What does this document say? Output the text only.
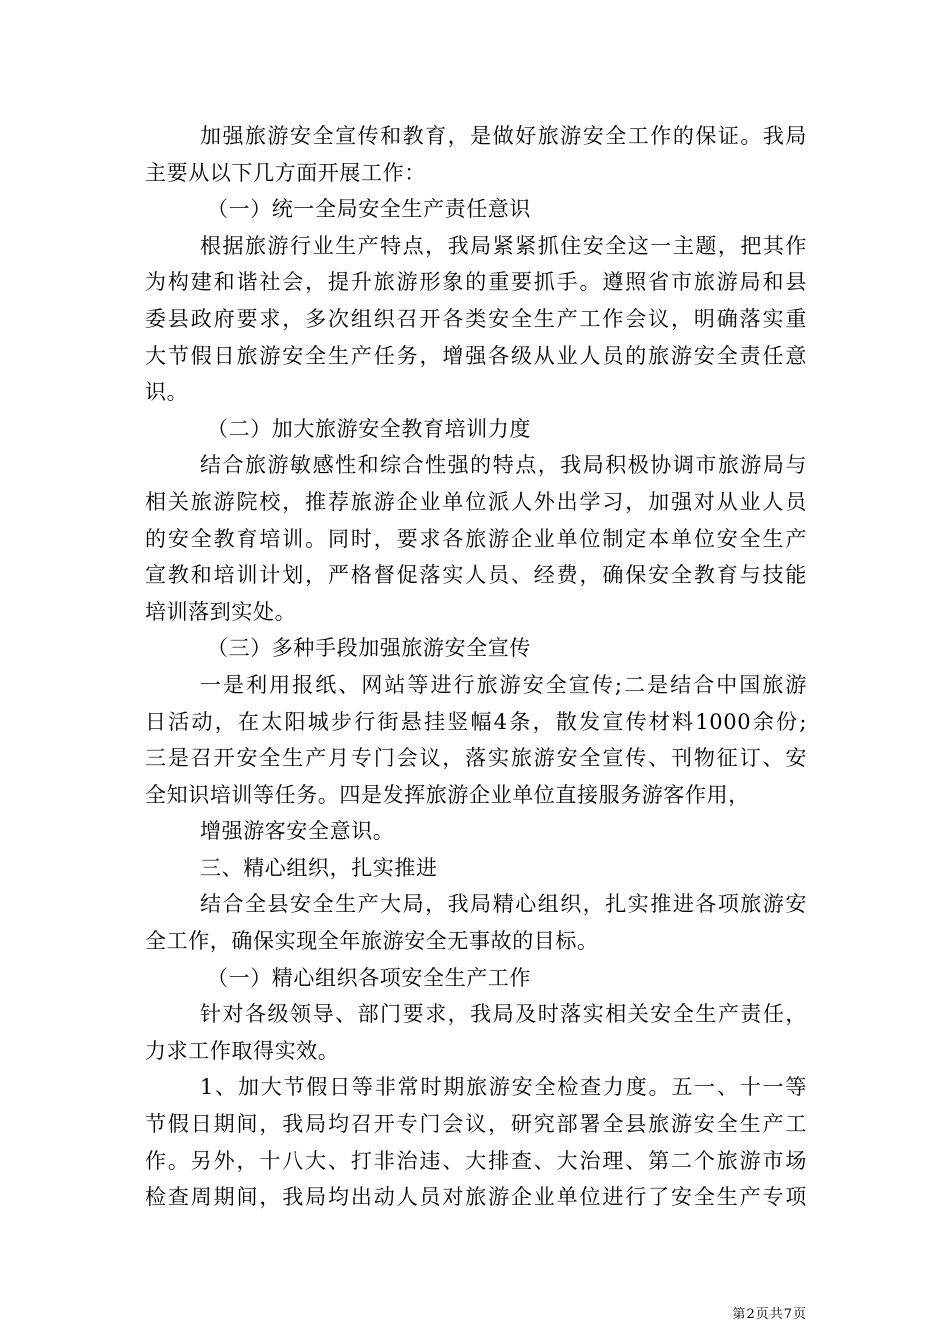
加强旅游安全宣传和教育，是做好旅游安全工作的保证。我局
主要从以下几方面开展工作：
（一）统一全局安全生产责任意识
根据旅游行业生产特点，我局紧紧抓住安全这一主题，把其作
为构建和谐社会，提升旅游形象的重要抓手。遵照省市旅游局和县
委县政府要求，多次组织召开各类安全生产工作会议，明确落实重
大节假日旅游安全生产任务，增强各级从业人员的旅游安全责任意
识。
（二）加大旅游安全教育培训力度
结合旅游敏感性和综合性强的特点，我局积极协调市旅游局与
相关旅游院校，推荐旅游企业单位派人外出学习，加强对从业人员
的安全教育培训。同时，要求各旅游企业单位制定本单位安全生产
宣教和培训计划，严格督促落实人员、经费，确保安全教育与技能
培训落到实处。
（三）多种手段加强旅游安全宣传
一是利用报纸、网站等进行旅游安全宣传;二是结合中国旅游
日活动，在太阳城步行街悬挂竖幅4条，散发宣传材料1000余份;
三是召开安全生产月专门会议，落实旅游安全宣传、刊物征订、安
全知识培训等任务。四是发挥旅游企业单位直接服务游客作用，
增强游客安全意识。
三、精心组织，扎实推进
结合全县安全生产大局，我局精心组织，扎实推进各项旅游安
全工作，确保实现全年旅游安全无事故的目标。
（一）精心组织各项安全生产工作
针对各级领导、部门要求，我局及时落实相关安全生产责任，
力求工作取得实效。
1、加大节假日等非常时期旅游安全检查力度。五一、十一等
节假日期间，我局均召开专门会议，研究部署全县旅游安全生产工
作。另外，十八大、打非治违、大排查、大治理、第二个旅游市场
检查周期间，我局均出动人员对旅游企业单位进行了安全生产专项
第2页共7页
